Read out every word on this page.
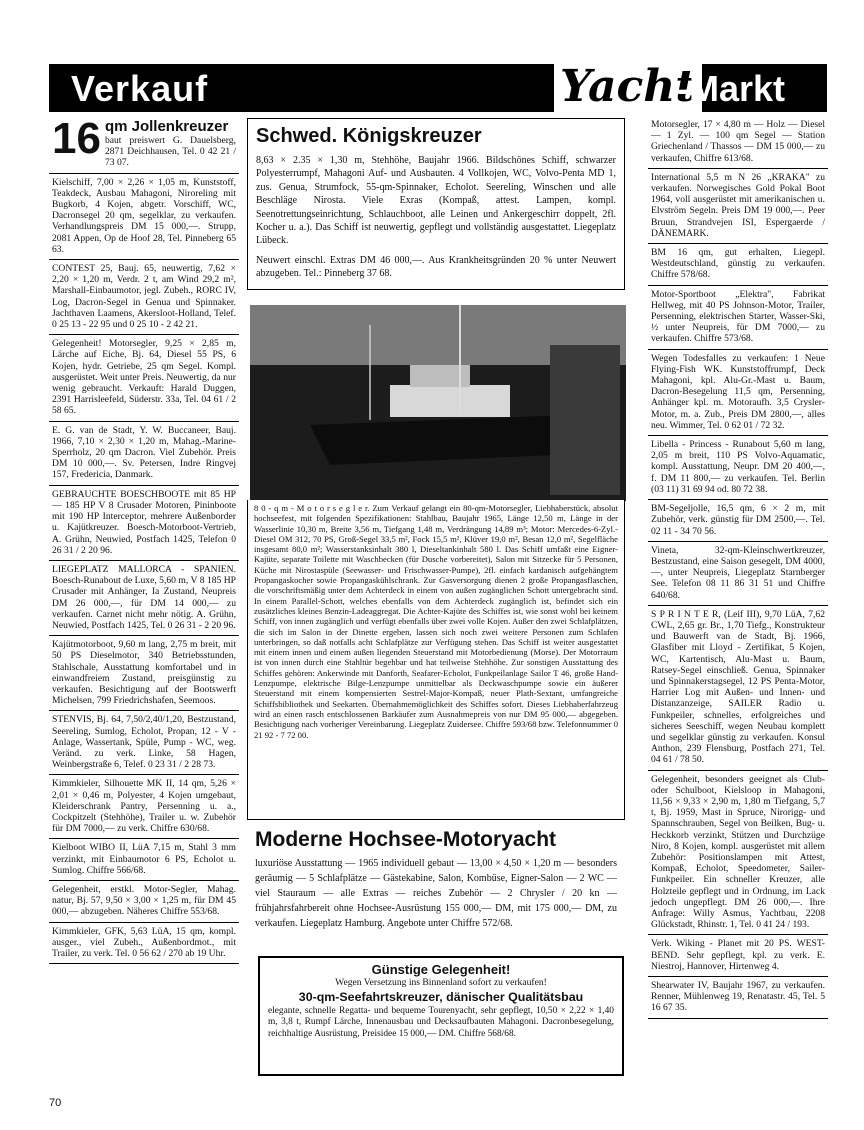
Verkauf	Yacht
-Markt
16 qm Jollenkreuzer
baut preiswert G. Dauelsberg, 2871 Deichhausen, Tel. 0 42 21 / 73 07.
Kielschiff, 7,00 × 2,26 × 1,05 m, Kunststoff, Teakdeck, Ausbau Mahagoni, Niroreling mit Bugkorb, 4 Kojen, abgetr. Vorschiff, WC, Dacronsegel 20 qm, segelklar, zu verkaufen. Verhandlungspreis DM 15 000,—. Strupp, 2081 Appen, Op de Hoof 28, Tel. Pinneberg 65 63.
CONTEST 25, Bauj. 65, neuwertig, 7,62 × 2,20 × 1,20 m, Verdr. 2 t, am Wind 29,2 m², Marshall-Einbaumotor, jegl. Zubeh., RORC IV, Log, Dacron-Segel in Genua und Spinnaker. Jachthaven Laamens, Akersloot-Holland, Telef. 0 25 13 - 22 95 und 0 25 10 - 2 42 21.
Gelegenheit! Motorsegler, 9,25 × 2,85 m, Lärche auf Eiche, Bj. 64, Diesel 55 PS, 6 Kojen, hydr. Getriebe, 25 qm Segel. Kompl. ausgerüstet. Weit unter Preis. Neuwertig, da nur wenig gebraucht. Verkauft: Harald Duggen, 2391 Harrisleefeld, Süderstr. 33a, Tel. 04 61 / 2 58 65.
E. G. van de Stadt, Y. W. Buccaneer, Bauj. 1966, 7,10 × 2,30 × 1,20 m, Mahag.-Marine-Sperrholz, 20 qm Dacron. Viel Zubehör. Preis DM 10 000,—. Sv. Petersen, Indre Ringvej 157, Fredericia, Danmark.
GEBRAUCHTE BOESCHBOOTE mit 85 HP — 185 HP V 8 Crusader Motoren, Pininboote mit 190 HP Interceptor, mehrere Außenborder u. Kajütkreuzer. Boesch-Motorboot-Vertrieb, A. Grühn, Neuwied, Postfach 1425, Telefon 0 26 31 / 2 20 96.
LIEGEPLATZ MALLORCA - SPANIEN. Boesch-Runabout de Luxe, 5,60 m, V 8 185 HP Crusader mit Anhänger, Ia Zustand, Neupreis DM 26 000,—, für DM 14 000,— zu verkaufen. Carnet nicht mehr nötig. A. Grühn, Neuwied, Postfach 1425, Tel. 0 26 31 - 2 20 96.
Kajütmotorboot, 9,60 m lang, 2,75 m breit, mit 50 PS Dieselmotor, 340 Betriebsstunden, Stahlschale, Ausstattung komfortabel und in einwandfreiem Zustand, preisgünstig zu verkaufen. Besichtigung auf der Bootswerft Michelsen, 799 Friedrichshafen, Seemoos.
STENVIS, Bj. 64, 7,50/2,40/1,20, Bestzustand, Seereling, Sumlog, Echolot, Propan, 12 - V - Anlage, Wassertank, Spüle, Pump - WC, weg. Veränd. zu verk. Linke, 58 Hagen, Weinbergstraße 6, Telef. 0 23 31 / 2 28 73.
Kimmkieler, Silhouette MK II, 14 qm, 5,26 × 2,01 × 0,46 m, Polyester, 4 Kojen umgebaut, Kleiderschrank Pantry, Persenning u. a., Cockpitzelt (Stehhöhe), Trailer u. w. Zubehör für DM 7000,— zu verk. Chiffre 630/68.
Kielboot WIBO II, LüA 7,15 m, Stahl 3 mm verzinkt, mit Einbaumotor 6 PS, Echolot u. Sumlog. Chiffre 566/68.
Gelegenheit, erstkl. Motor-Segler, Mahag. natur, Bj. 57, 9,50 × 3,00 × 1,25 m, für DM 45 000,— abzugeben. Näheres Chiffre 553/68.
Kimmkieler, GFK, 5,63 LüA, 15 qm, kompl. ausger., viel Zubeh., Außenbordmot., mit Trailer, zu verk. Tel. 0 56 62 / 270 ab 19 Uhr.
Schwed. Königskreuzer
8,63 × 2.35 × 1,30 m, Stehhöhe, Baujahr 1966. Bildschönes Schiff, schwarzer Polyesterrumpf, Mahagoni Auf- und Ausbauten. 4 Vollkojen, WC, Volvo-Penta MD 1, zus. Genua, Strumfock, 55-qm-Spinnaker, Echolot. Seereling, Winschen und alle Beschläge Nirosta. Viele Exras (Kompaß, attest. Lampen, kompl. Seenotrettungseinrichtung, Schlauchboot, alle Leinen und Ankergeschirr doppelt, 2fl. Kocher u. a.). Das Schiff ist neuwertig, gepflegt und vollständig ausgestattet. Liegeplatz Lübeck.
Neuwert einschl. Extras DM 46 000,—. Aus Krankheitsgründen 20 % unter Neuwert abzugeben. Tel.: Pinneberg 37 68.
8 0 - q m - M o t o r s e g l e r. Zum Verkauf gelangt ein 80-qm-Motorsegler, Liebhaberstück, absolut hochseefest, mit folgenden Spezifikationen: Stahlbau, Baujahr 1965, Länge 12,50 m, Länge in der Wasserlinie 10,30 m, Breite 3,56 m, Tiefgang 1,48 m, Verdrängung 14,89 m³; Motor: Mercedes-6-Zyl.-Diesel OM 312, 70 PS, Groß-Segel 33,5 m², Fock 15,5 m², Klüver 19,0 m², Besan 12,0 m², Segelfläche insgesamt 80,0 m²; Wasserstanksinhalt 380 l, Dieseltankinhalt 580 l. Das Schiff umfaßt eine Eigner-Kajüte, separate Toilette mit Waschbecken (für Dusche vorbereitet), Salon mit Sitzecke für 5 Personen, Küche mit Nirostaspüle (Seewasser- und Frischwasser-Pumpe), 2fl. einfach kardanisch aufgehängtem Propangaskocher sowie Propangaskühlschrank. Zur Gasversorgung dienen 2 große Propangasflaschen, die vorschriftsmäßig unter dem Achterdeck in einem von außen zugänglichen Schott untergebracht sind. In einem Parallel-Schott, welches ebenfalls von dem Achterdeck zugänglich ist, befindet sich ein zusätzliches kleines Benzin-Ladeaggregat. Die Achter-Kajüte des Schiffes ist, wie sonst wohl bei keinem Schiff, von innen zugänglich und verfügt ebenfalls über zwei volle Kojen. Außer den zwei Schlafplätzen, die sich im Salon in der Dinette ergeben, lassen sich noch zwei weitere Personen zum Schlafen unterbringen, so daß notfalls acht Schlafplätze zur Verfügung stehen. Das Schiff ist weiter ausgestattet mit einem innen und einem außen liegenden Steuerstand mit Motorbedienung (Morse). Der Motorraum ist von innen durch eine Stahltür begehbar und hat teilweise Stehhöhe. Zur sonstigen Ausstattung des Schiffes gehören: Ankerwinde mit Danforth, Seafarer-Echolot, Funkpeilanlage Sailor T 46, große Hand-Lenzpumpe, elektrische Bilge-Lenzpumpe unmittelbar als Deckwaschpumpe sowie ein äußerer Steuerstand mit einem kompensierten Sestrel-Major-Kompaß, neuer Plath-Sextant, umfangreiche Schiffsbibliothek und Seekarten. Übernahmemöglichkeit des Schiffes sofort. Dieses Liebhaberfahrzeug wird an einen rasch entschlossenen Barkäufer zum Ausnahmepreis von nur DM 95 000,— abgegeben. Besichtigung nach vorheriger Vereinbarung. Liegeplatz Zuidersee. Chiffre 593/68 bzw. Telefonnummer 0 21 92 - 7 72 00.
Moderne Hochsee-Motoryacht
luxuriöse Ausstattung — 1965 individuell gebaut — 13,00 × 4,50 × 1,20 m — besonders geräumig — 5 Schlafplätze — Gästekabine, Salon, Kombüse, Eigner-Salon — 2 WC — viel Stauraum — alle Extras — reiches Zubehör — 2 Chrysler / 20 kn — frühjahrsfahrbereit ohne Hochsee-Ausrüstung 155 000,— DM, mit 175 000,— DM, zu verkaufen. Liegeplatz Hamburg. Angebote unter Chiffre 572/68.
Günstige Gelegenheit!
Wegen Versetzung ins Binnenland sofort zu verkaufen!
30-qm-Seefahrtskreuzer, dänischer Qualitätsbau
elegante, schnelle Regatta- und bequeme Tourenyacht, sehr gepflegt, 10,50 × 2,22 × 1,40 m, 3,8 t, Rumpf Lärche, Innenausbau und Decksaufbauten Mahagoni. Dacronbesegelung, reichhaltige Ausrüstung, Preisidee 15 000,— DM. Chiffre 568/68.
Motorsegler, 17 × 4,80 m — Holz — Diesel — 1 Zyl. — 100 qm Segel — Station Griechenland / Thassos — DM 15 000,— zu verkaufen, Chiffre 613/68.
International 5,5 m N 26 „KRAKA" zu verkaufen. Norwegisches Gold Pokal Boot 1964, voll ausgerüstet mit amerikanischen u. Elvström Segeln. Preis DM 19 000,—. Peer Bruun, Strandvejen ISI, Espergaerde / DÄNEMARK.
BM 16 qm, gut erhalten, Liegepl. Westdeutschland, günstig zu verkaufen. Chiffre 578/68.
Motor-Sportboot „Elektra", Fabrikat Hellweg, mit 40 PS Johnson-Motor, Trailer, Persenning, elektrischen Starter, Wasser-Ski, ½ unter Neupreis, für DM 7000,— zu verkaufen. Chiffre 573/68.
Wegen Todesfalles zu verkaufen: 1 Neue Flying-Fish WK. Kunststoffrumpf, Deck Mahagoni, kpl. Alu-Gr.-Mast u. Baum, Dacron-Besegelung 11,5 qm, Persenning, Anhänger kpl. m. Motoraufh. 3,5 Crysler-Motor, m. a. Zub., Preis DM 2800,—, alles neu. Wimmer, Tel. 0 62 01 / 72 32.
Libella - Princess - Runabout 5,60 m lang, 2,05 m breit, 110 PS Volvo-Aquamatic, kompl. Ausstattung, Neupr. DM 20 400,—, f. DM 11 800,— zu verkaufen. Tel. Berlin (03 11) 31 69 94 od. 80 72 38.
BM-Segeljolle, 16,5 qm, 6 × 2 m, mit Zubehör, verk. günstig für DM 2500,—. Tel. 02 11 - 34 70 56.
Vineta, 32-qm-Kleinschwertkreuzer, Bestzustand, eine Saison gesegelt, DM 4000,—, unter Neupreis, Liegeplatz Starnberger See. Telefon 08 11 86 31 51 und Chiffre 640/68.
S P R I N T E R, (Leif III), 9,70 LüA, 7,62 CWL, 2,65 gr. Br., 1,70 Tiefg., Konstrukteur und Bauwerft van de Stadt, Bj. 1966, Glasfiber mit Lloyd - Zertifikat, 5 Kojen, WC, Kartentisch, Alu-Mast u. Baum, Ratsey-Segel einschließ. Genua, Spinnaker und Spinnakerstagsegel, 12 PS Penta-Motor, Harrier Log mit Außen- und Innen- und Distanzanzeige, SAILER Radio u. Funkpeiler, schnelles, erfolgreiches und sicheres Seeschiff, wegen Neubau komplett und segelklar günstig zu verkaufen. Konsul Anthon, 239 Flensburg, Postfach 271, Tel. 04 61 / 78 50.
Gelegenheit, besonders geeignet als Club- oder Schulboot, Kielsloop in Mahagoni, 11,56 × 9,33 × 2,90 m, 1,80 m Tiefgang, 5,7 t, Bj. 1959, Mast in Spruce, Nirorigg- und Spannschrauben, Segel von Beilken, Bug- u. Heckkorb verzinkt, Stützen und Durchzüge Niro, 8 Kojen, kompl. ausgerüstet mit allem Zubehör: Positionslampen mit Attest, Kompaß, Echolot, Speedometer, Sailer-Funkpeiler. Ein schneller Kreuzer, alle Holzteile gepflegt und in Ordnung, im Lack jedoch ungepflegt. DM 26 000,—. Ihre Anfrage: Willy Asmus, Yachtbau, 2208 Glückstadt, Rhinstr. 1, Tel. 0 41 24 / 193.
Verk. Wiking - Planet mit 20 PS. WEST-BEND. Sehr gepflegt, kpl. zu verk. E. Niestroj, Hannover, Hirtenweg 4.
Shearwater IV, Baujahr 1967, zu verkaufen. Renner, Mühlenweg 19, Renatastr. 45, Tel. 5 16 67 35.
70
